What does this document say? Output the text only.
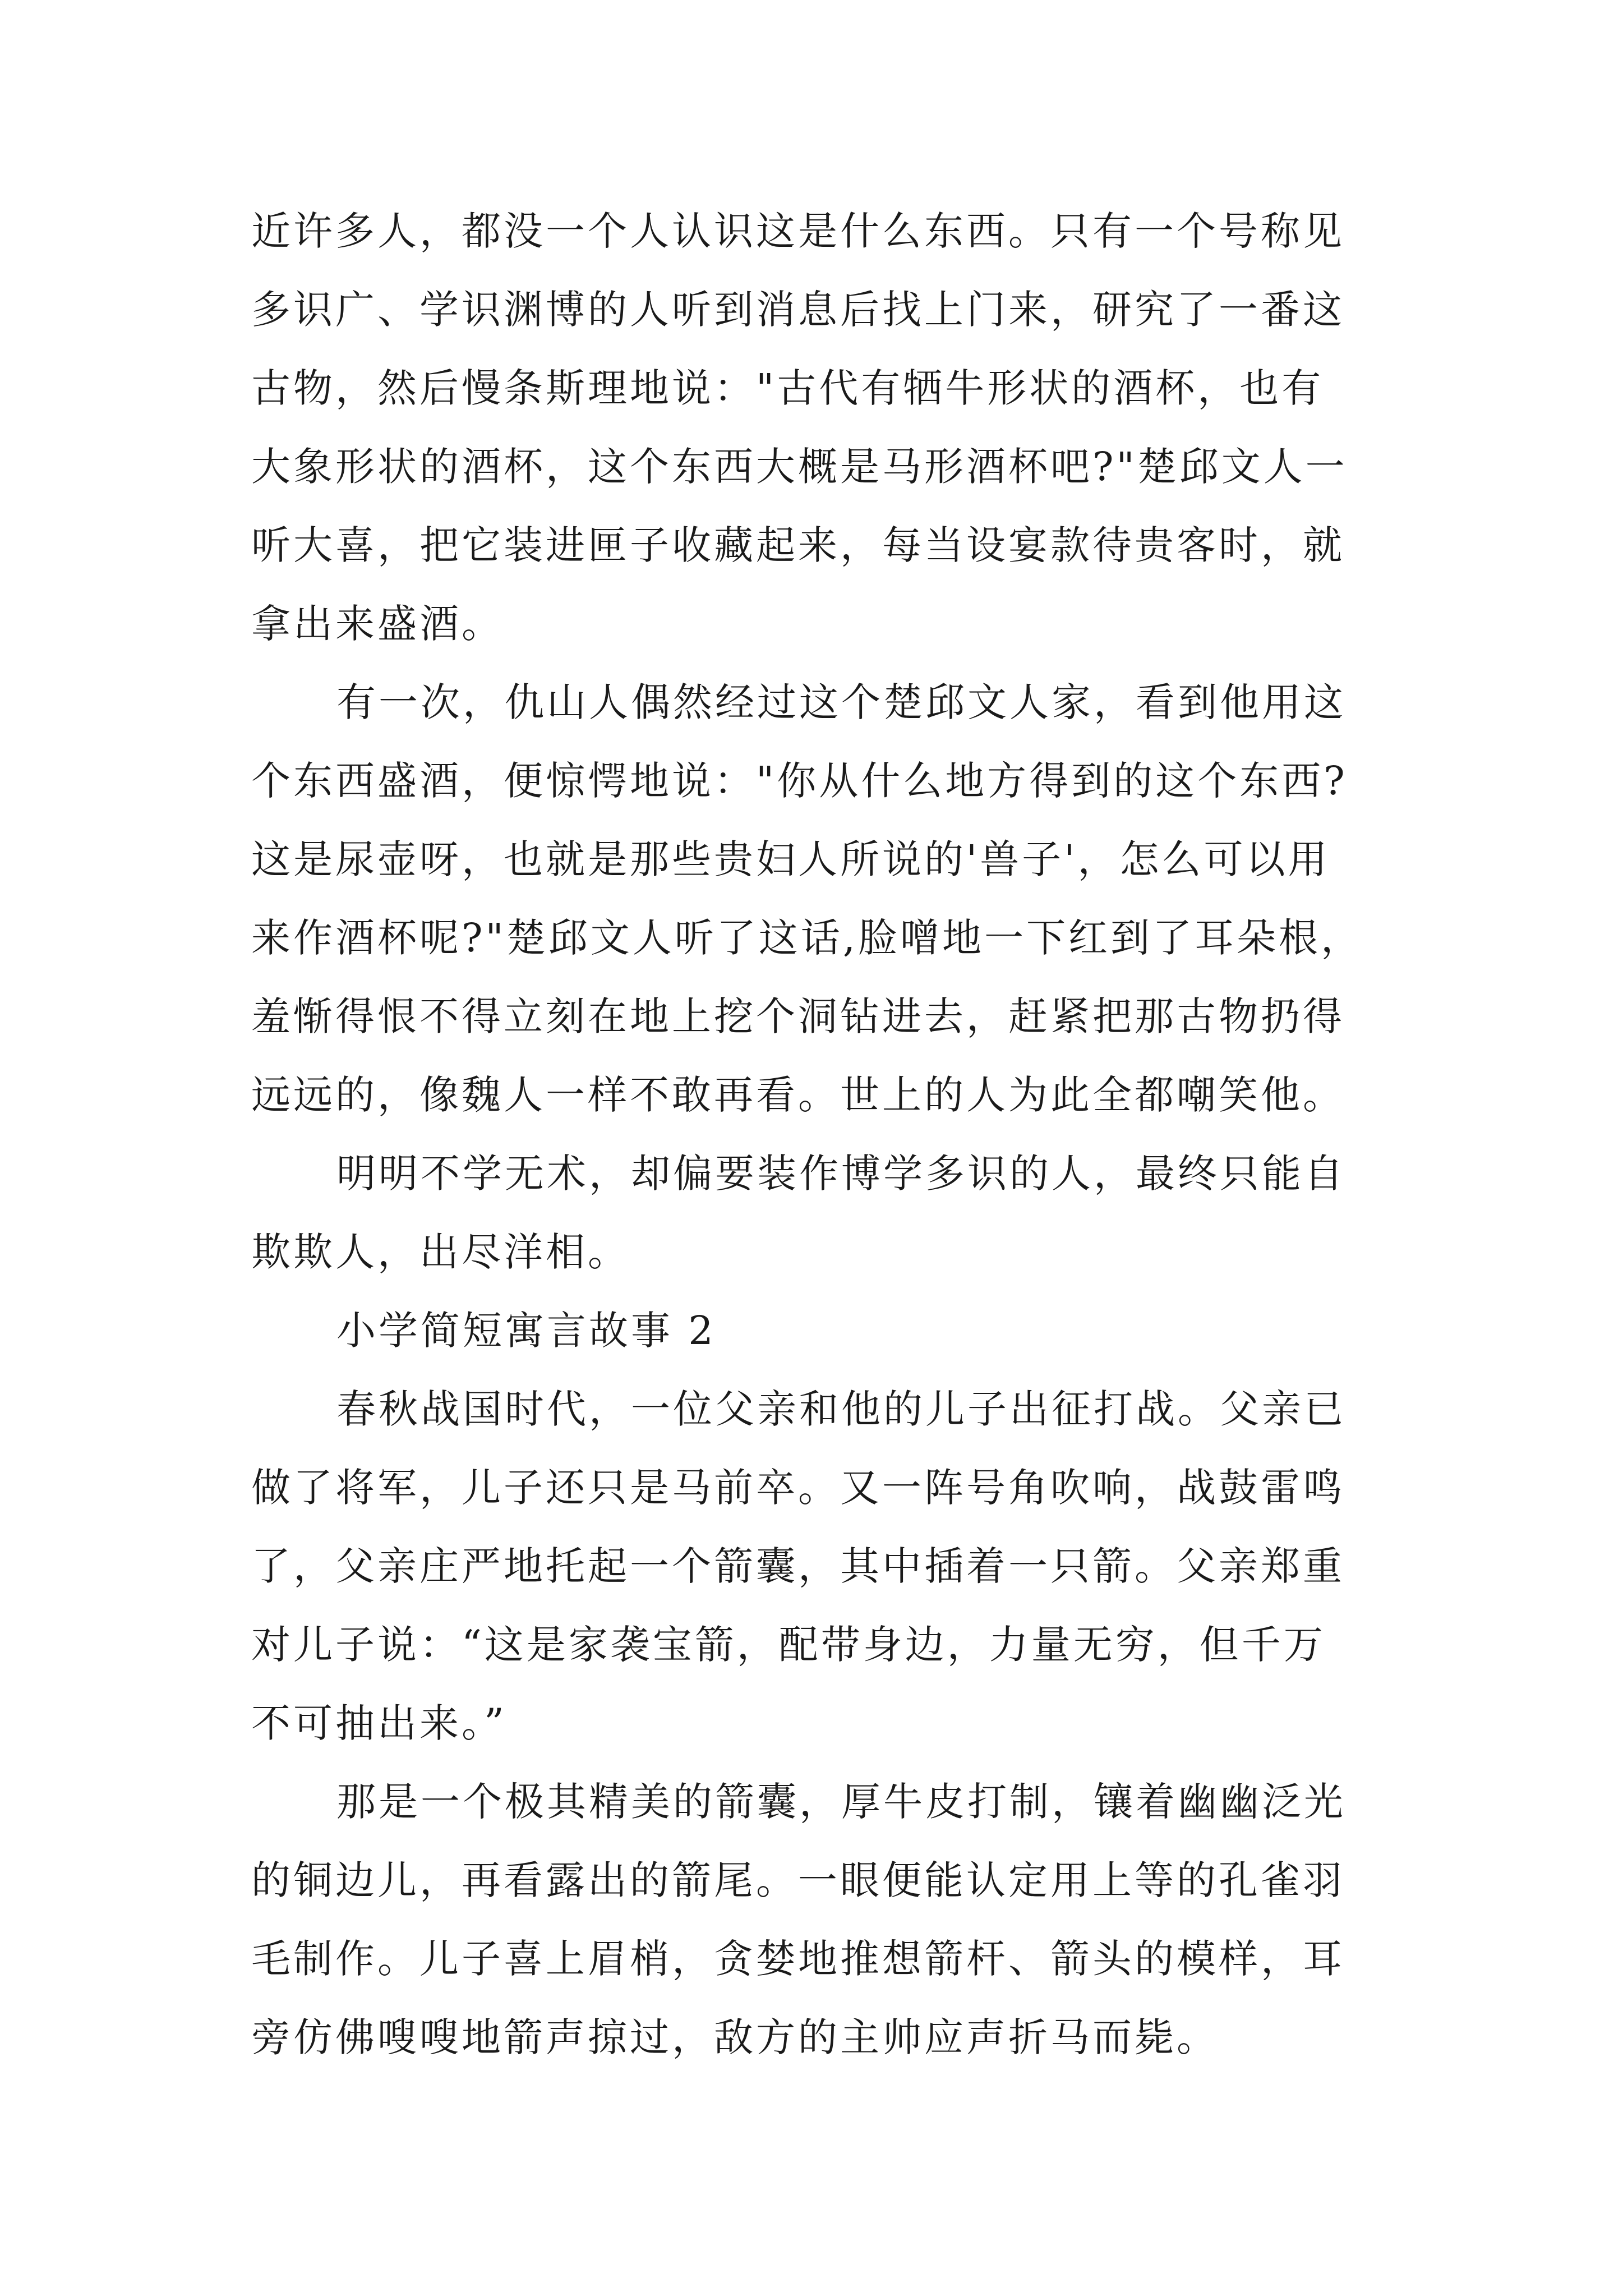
近许多人，都没一个人认识这是什么东西。只有一个号称见
多识广、学识渊博的人听到消息后找上门来，研究了一番这
古物，然后慢条斯理地说："古代有牺牛形状的酒杯，也有
大象形状的酒杯，这个东西大概是马形酒杯吧?"楚邱文人一
听大喜，把它装进匣子收藏起来，每当设宴款待贵客时，就
拿出来盛酒。
有一次，仇山人偶然经过这个楚邱文人家，看到他用这
个东西盛酒，便惊愕地说："你从什么地方得到的这个东西?
这是尿壶呀，也就是那些贵妇人所说的'兽子'，怎么可以用
来作酒杯呢?"楚邱文人听了这话,脸噌地一下红到了耳朵根，
羞惭得恨不得立刻在地上挖个洞钻进去，赶紧把那古物扔得
远远的，像魏人一样不敢再看。世上的人为此全都嘲笑他。
明明不学无术，却偏要装作博学多识的人，最终只能自
欺欺人，出尽洋相。
小学简短寓言故事 2
春秋战国时代，一位父亲和他的儿子出征打战。父亲已
做了将军，儿子还只是马前卒。又一阵号角吹响，战鼓雷鸣
了，父亲庄严地托起一个箭囊，其中插着一只箭。父亲郑重
对儿子说：“这是家袭宝箭，配带身边，力量无穷，但千万
不可抽出来。”
那是一个极其精美的箭囊，厚牛皮打制，镶着幽幽泛光
的铜边儿，再看露出的箭尾。一眼便能认定用上等的孔雀羽
毛制作。儿子喜上眉梢，贪婪地推想箭杆、箭头的模样，耳
旁仿佛嗖嗖地箭声掠过，敌方的主帅应声折马而毙。
